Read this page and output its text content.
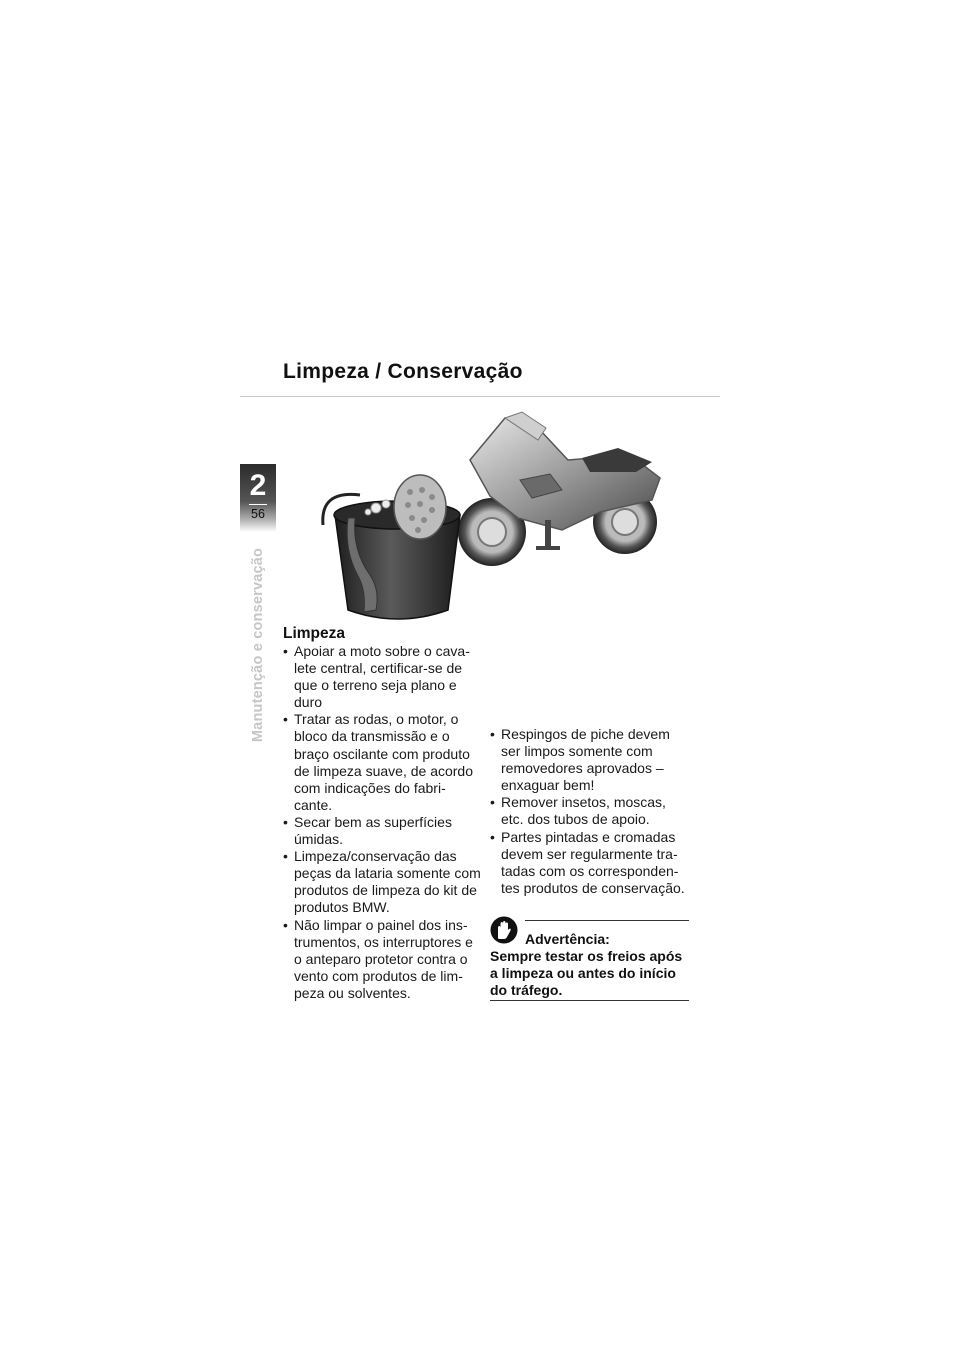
Limpeza / Conservação
2
56
Manutenção e conservação Limpeza
• Apoiar a moto sobre o cava-lete central, certificar-se de que o terreno seja plano e duro
• Tratar as rodas, o motor, o bloco da transmissão e o braço oscilante com produto de limpeza suave, de acordo com indicações do fabri-cante.
• Secar bem as superfícies úmidas.
• Limpeza/conservação das peças da lataria somente com produtos de limpeza do kit de produtos BMW.
• Não limpar o painel dos ins-trumentos, os interruptores e o anteparo protetor contra o vento com produtos de lim-peza ou solventes.
• Respingos de piche devem ser limpos somente com removedores aprovados – enxaguar bem!
• Remover insetos, moscas, etc. dos tubos de apoio.
• Partes pintadas e cromadas devem ser regularmente tra-tadas com os corresponden-tes produtos de conservação.
Advertência:
Sempre testar os freios após a limpeza ou antes do início do tráfego.
